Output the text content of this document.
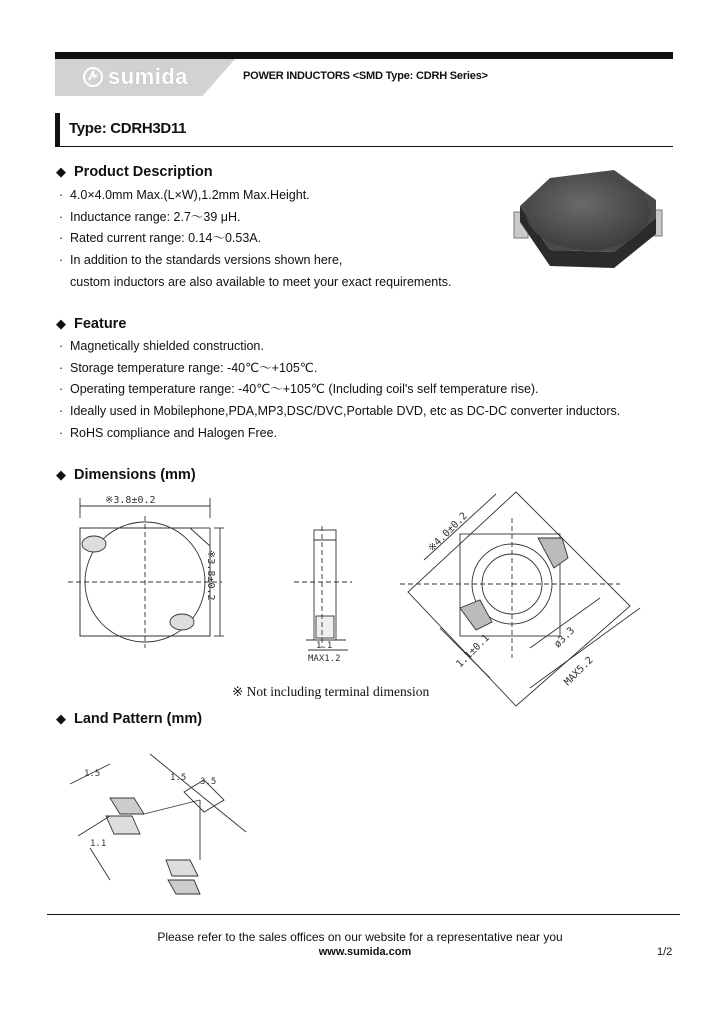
sumida	POWER INDUCTORS <SMD Type: CDRH Series>
Type: CDRH3D11
◆ Product Description
· 4.0×4.0mm Max.(L×W),1.2mm Max.Height.
· Inductance range: 2.7～39 μH.
· Rated current range: 0.14～0.53A.
· In addition to the standards versions shown here,
custom inductors are also available to meet your exact requirements.
◆ Feature
· Magnetically shielded construction.
· Storage temperature range: -40℃～+105℃.
· Operating temperature range: -40℃～+105℃ (Including coil's self temperature rise).
· Ideally used in Mobilephone,PDA,MP3,DSC/DVC,Portable DVD, etc as DC-DC converter inductors.
· RoHS compliance and Halogen Free.
◆ Dimensions (mm)
※3.8±0.2
※3.8±0.2
1.1
MAX1.2
※4.0±0.2
ø3.3
MAX5.2
1.1±0.1
※ Not including terminal dimension
◆ Land Pattern (mm)
1.5
3.5
1.1
1.5
Please refer to the sales offices on our website for a representative near you
www.sumida.com	1/2
